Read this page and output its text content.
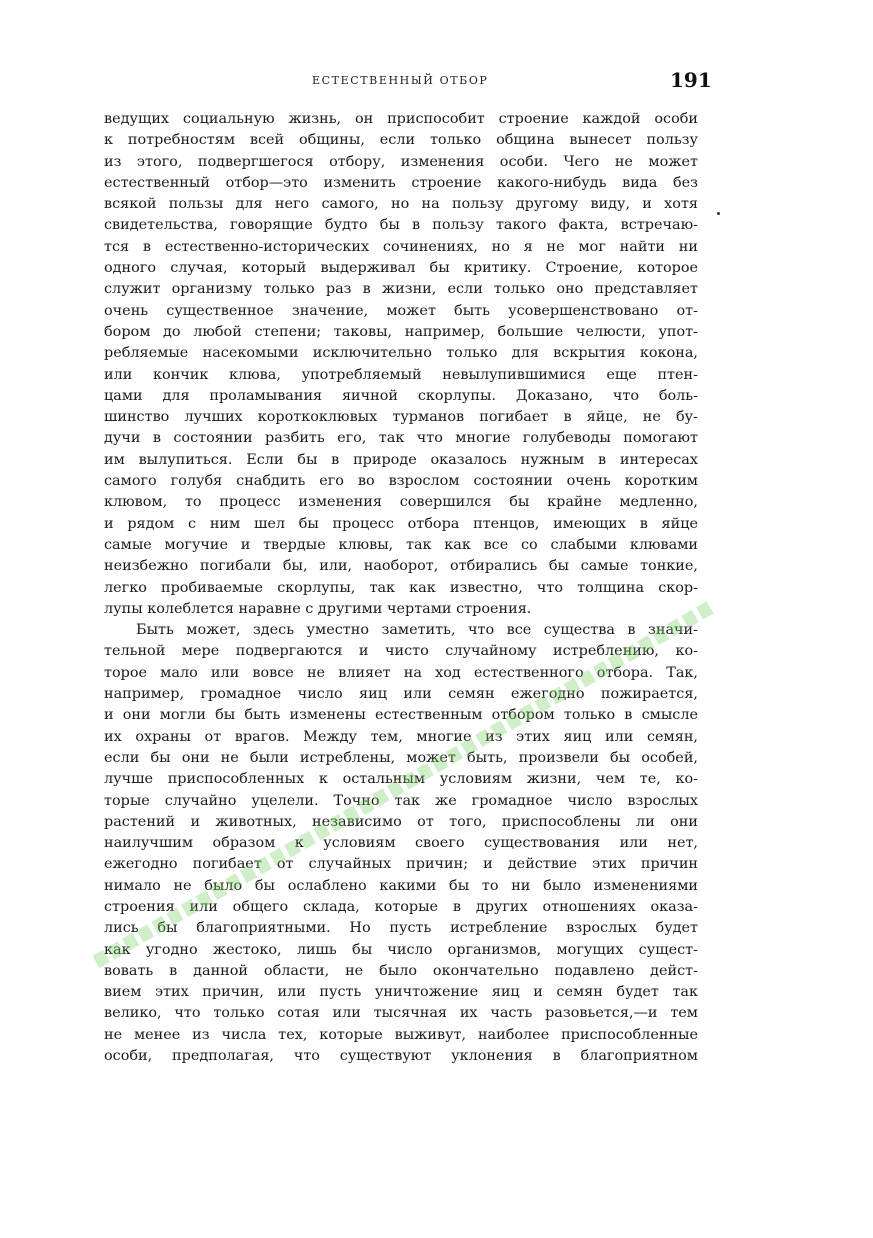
ЕСТЕСТВЕННЫЙ ОТБОР	191
ведущих социальную жизнь, он приспособит строение каждой особи
к потребностям всей общины, если только община вынесет пользу
из этого, подвергшегося отбору, изменения особи. Чего не может
естественный отбор—это изменить строение какого-нибудь вида без
всякой пользы для него самого, но на пользу другому виду, и хотя
свидетельства, говорящие будто бы в пользу такого факта, встречаю-
тся в естественно-исторических сочинениях, но я не мог найти ни
одного случая, который выдерживал бы критику. Строение, которое
служит организму только раз в жизни, если только оно представляет
очень существенное значение, может быть усовершенствовано от-
бором до любой степени; таковы, например, большие челюсти, упот-
ребляемые насекомыми исключительно только для вскрытия кокона,
или кончик клюва, употребляемый невылупившимися еще птен-
цами для проламывания яичной скорлупы. Доказано, что боль-
шинство лучших короткоклювых турманов погибает в яйце, не бу-
дучи в состоянии разбить его, так что многие голубеводы помогают
им вылупиться. Если бы в природе оказалось нужным в интересах
самого голубя снабдить его во взрослом состоянии очень коротким
клювом, то процесс изменения совершился бы крайне медленно,
и рядом с ним шел бы процесс отбора птенцов, имеющих в яйце
самые могучие и твердые клювы, так как все со слабыми клювами
неизбежно погибали бы, или, наоборот, отбирались бы самые тонкие,
легко пробиваемые скорлупы, так как известно, что толщина скор-
лупы колеблется наравне с другими чертами строения.
Быть может, здесь уместно заметить, что все существа в значи-
тельной мере подвергаются и чисто случайному истреблению, ко-
торое мало или вовсе не влияет на ход естественного отбора. Так,
например, громадное число яиц или семян ежегодно пожирается,
и они могли бы быть изменены естественным отбором только в смысле
их охраны от врагов. Между тем, многие из этих яиц или семян,
если бы они не были истреблены, может быть, произвели бы особей,
лучше приспособленных к остальным условиям жизни, чем те, ко-
торые случайно уцелели. Точно так же громадное число взрослых
растений и животных, независимо от того, приспособлены ли они
наилучшим образом к условиям своего существования или нет,
ежегодно погибает от случайных причин; и действие этих причин
нимало не было бы ослаблено какими бы то ни было изменениями
строения или общего склада, которые в других отношениях оказа-
лись бы благоприятными. Но пусть истребление взрослых будет
как угодно жестоко, лишь бы число организмов, могущих сущест-
вовать в данной области, не было окончательно подавлено дейст-
вием этих причин, или пусть уничтожение яиц и семян будет так
велико, что только сотая или тысячная их часть разовьется,—и тем
не менее из числа тех, которые выживут, наиболее приспособленные
особи, предполагая, что существуют уклонения в благоприятном
